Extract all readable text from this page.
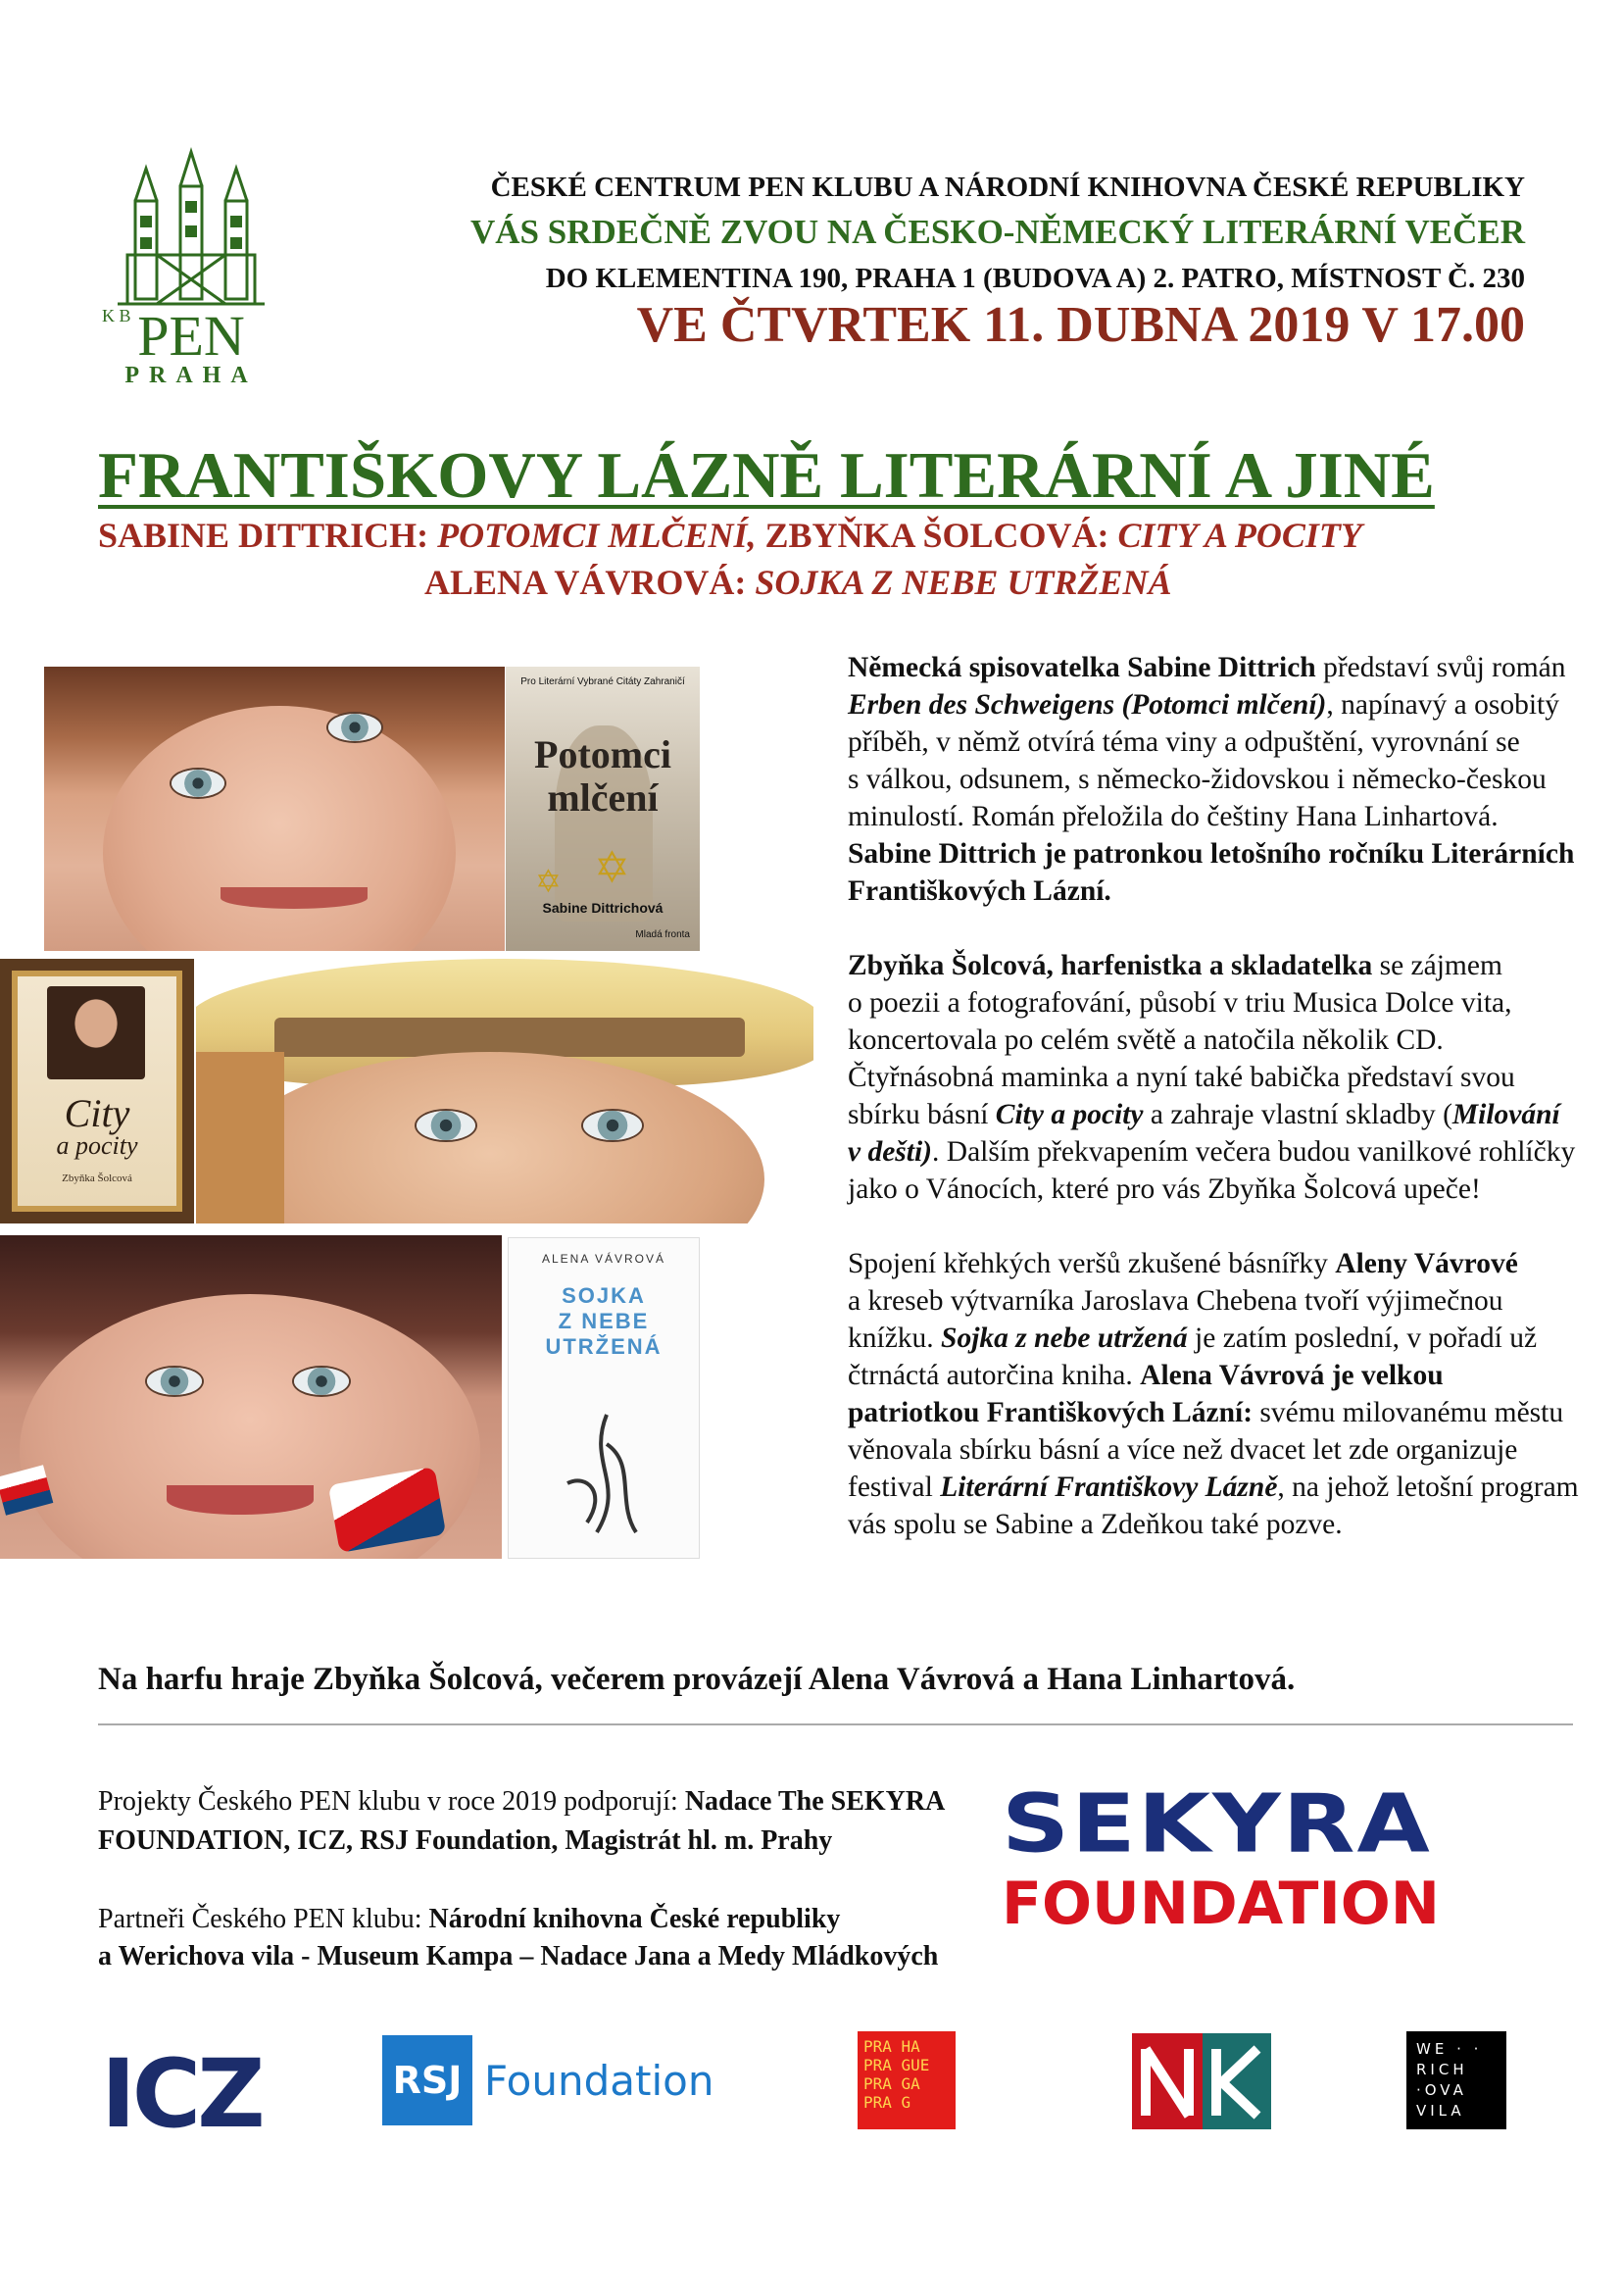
K B PEN
PRAHA
ČESKÉ CENTRUM PEN KLUBU A NÁRODNÍ KNIHOVNA ČESKÉ REPUBLIKY
VÁS SRDEČNĚ ZVOU NA ČESKO-NĚMECKÝ LITERÁRNÍ VEČER
DO KLEMENTINA 190, PRAHA 1 (BUDOVA A) 2. PATRO, MÍSTNOST Č. 230
VE ČTVRTEK 11. DUBNA 2019 V 17.00
FRANTIŠKOVY LÁZNĚ LITERÁRNÍ A JINÉ
SABINE DITTRICH: POTOMCI MLČENÍ, ZBYŇKA ŠOLCOVÁ: CITY A POCITY
ALENA VÁVROVÁ: SOJKA Z NEBE UTRŽENÁ
Pro Literární Vybrané Citáty Zahraničí
Potomci
mlčení
✡
✡
Sabine Dittrichová
Mladá fronta
City
a pocity
Zbyňka Šolcová
ALENA VÁVROVÁ
SOJKA
Z NEBE
UTRŽENÁ
Německá spisovatelka Sabine Dittrich představí svůj román
Erben des Schweigens (Potomci mlčení), napínavý a osobitý
příběh, v němž otvírá téma viny a odpuštění, vyrovnání se
s válkou, odsunem, s německo-židovskou i německo-českou
minulostí. Román přeložila do češtiny Hana Linhartová.
Sabine Dittrich je patronkou letošního ročníku Literárních
Františkových Lázní.
Zbyňka Šolcová, harfenistka a skladatelka se zájmem
o poezii a fotografování, působí v triu Musica Dolce vita,
koncertovala po celém světě a natočila několik CD.
Čtyřnásobná maminka a nyní také babička představí svou
sbírku básní City a pocity a zahraje vlastní skladby (Milování
v dešti). Dalším překvapením večera budou vanilkové rohlíčky
jako o Vánocích, které pro vás Zbyňka Šolcová upeče!
Spojení křehkých veršů zkušené básnířky Aleny Vávrové
a kreseb výtvarníka Jaroslava Chebena tvoří výjimečnou
knížku. Sojka z nebe utržená je zatím poslední, v pořadí už
čtrnáctá autorčina kniha. Alena Vávrová je velkou
patriotkou Františkových Lázní: svému milovanému městu
věnovala sbírku básní a více než dvacet let zde organizuje
festival Literární Františkovy Lázně, na jehož letošní program
vás spolu se Sabine a Zdeňkou také pozve.
Na harfu hraje Zbyňka Šolcová, večerem provázejí Alena Vávrová a Hana Linhartová.
Projekty Českého PEN klubu v roce 2019 podporují: Nadace The SEKYRA
FOUNDATION, ICZ, RSJ Foundation, Magistrát hl. m. Prahy
Partneři Českého PEN klubu: Národní knihovna České republiky
a Werichova vila - Museum Kampa – Nadace Jana a Medy Mládkových
SEKYRA
FOUNDATION
ICZ	RSJ Foundation
PRA HA
PRA GUE
PRA GA
PRA G
WE · ·
RICH
·OVA
VILA
